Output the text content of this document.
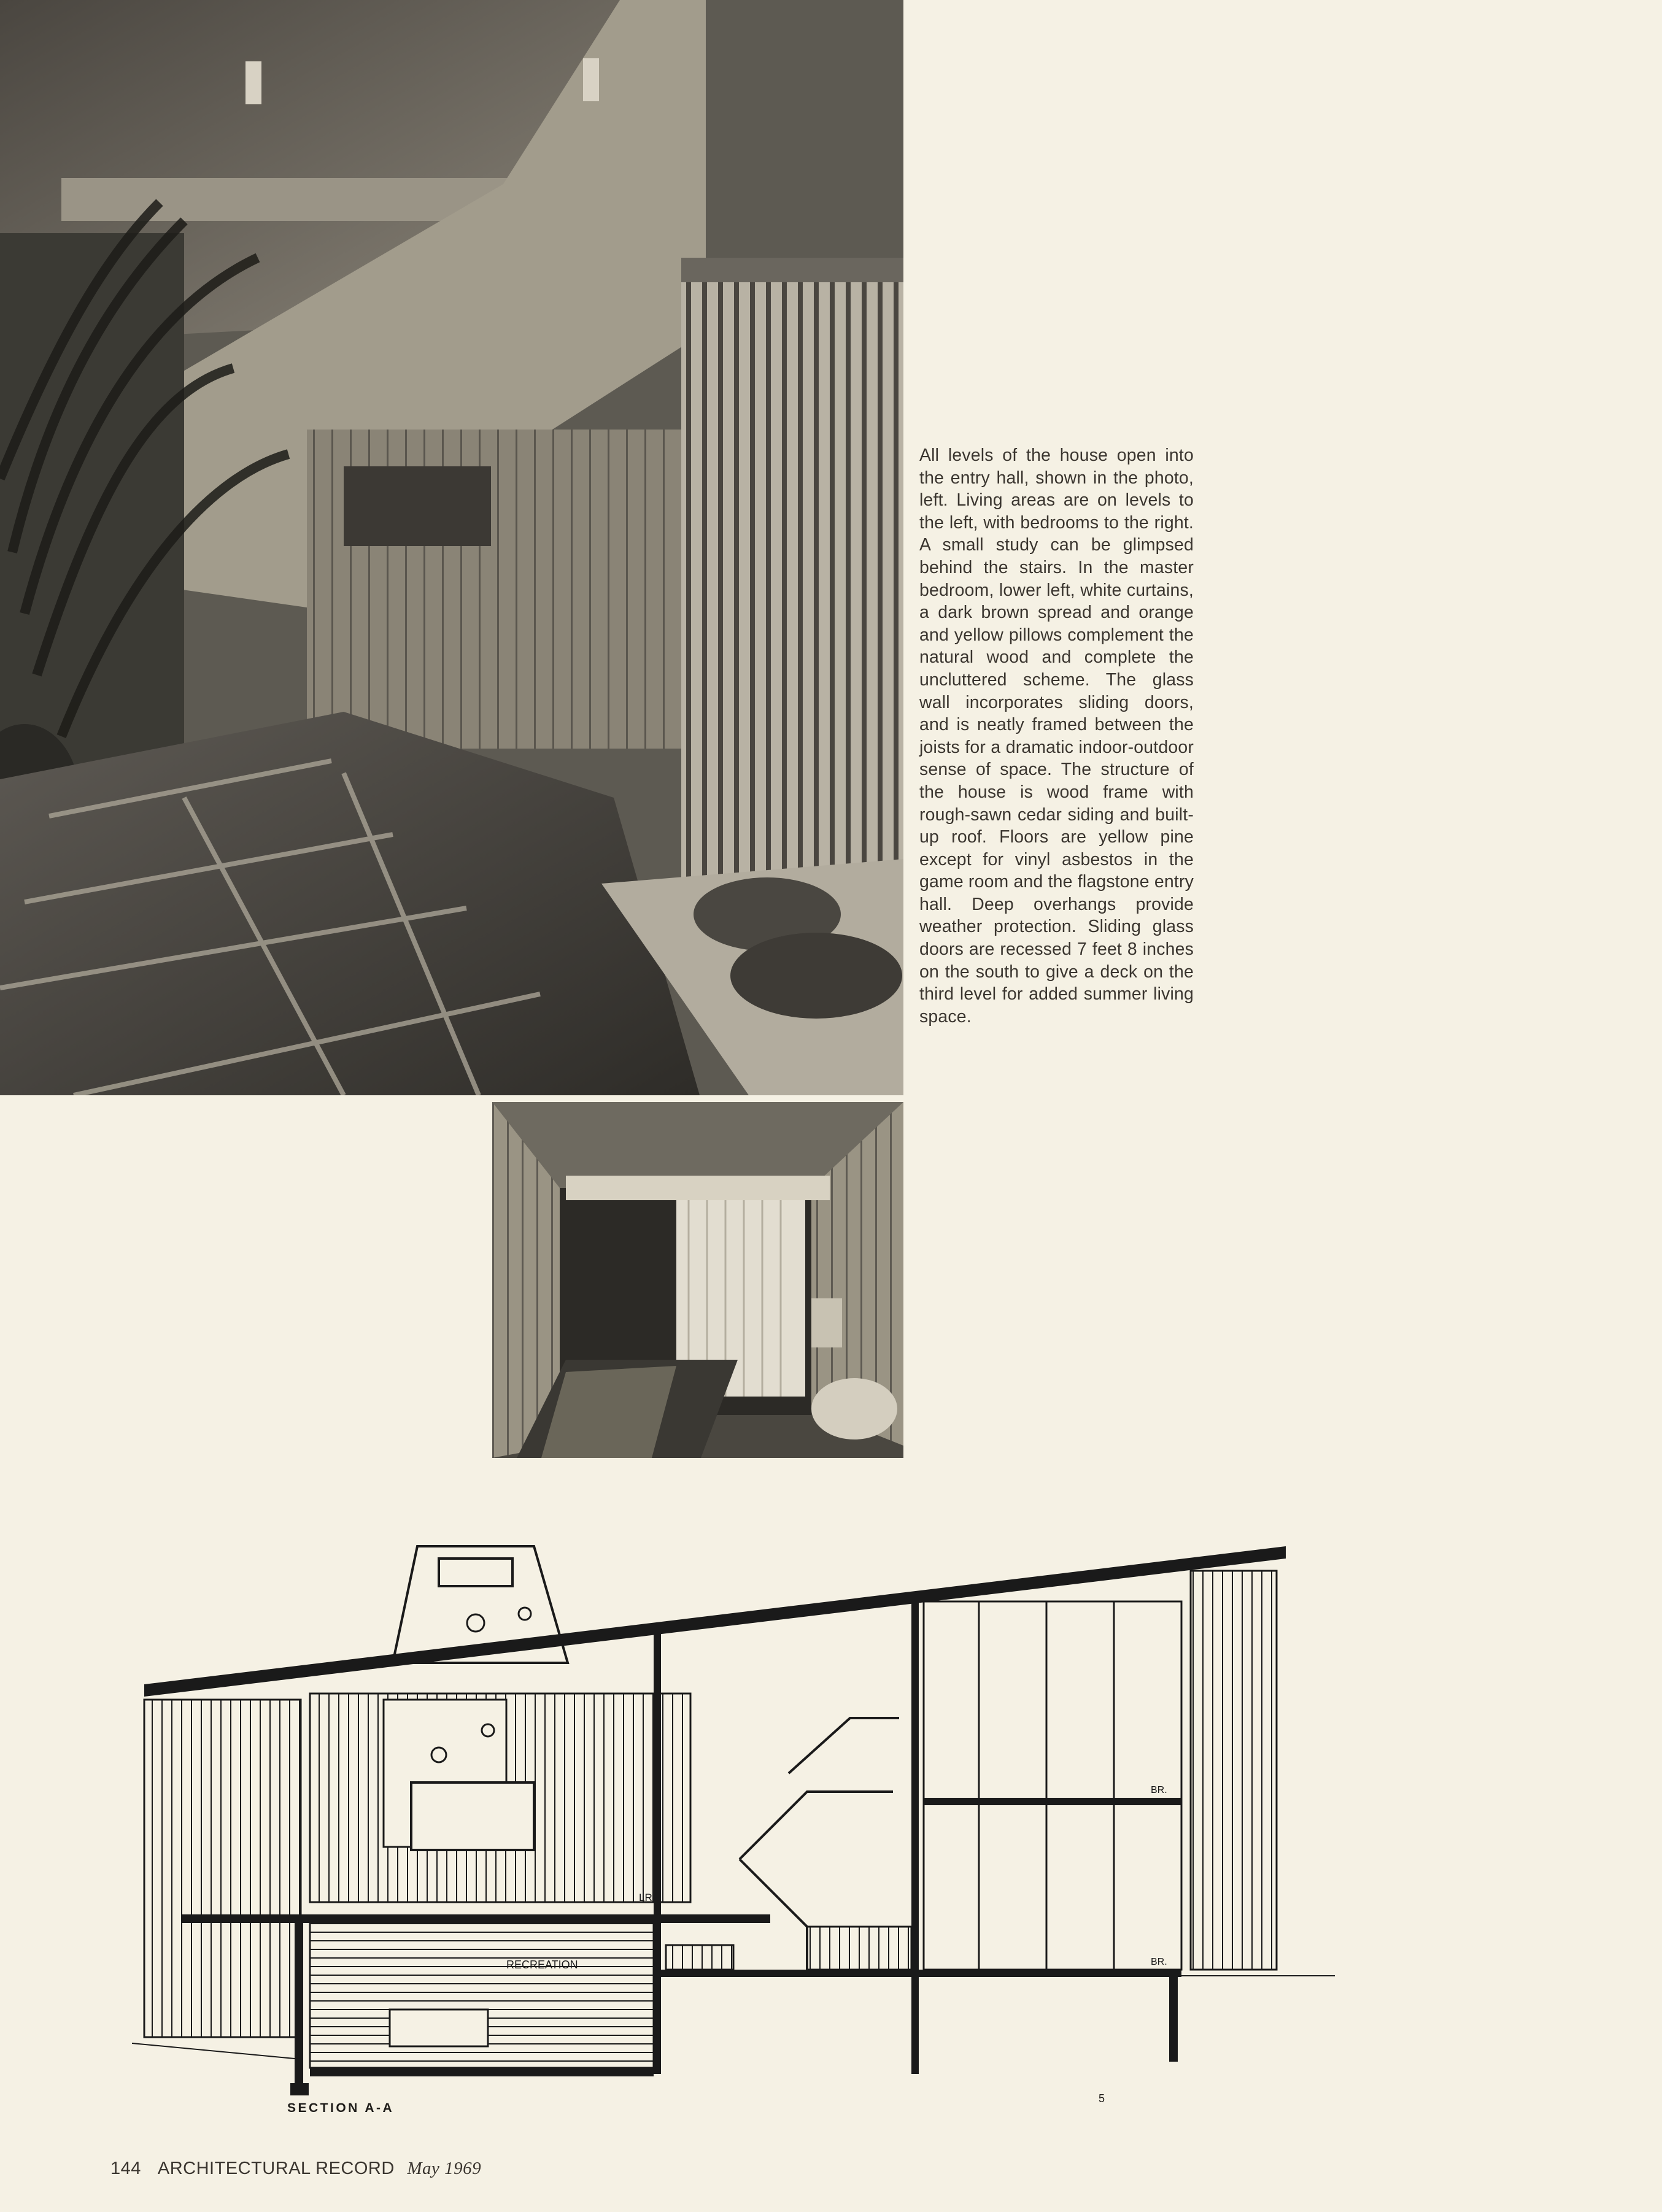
All levels of the house open into the entry hall, shown in the photo, left. Living areas are on levels to the left, with bedrooms to the right. A small study can be glimpsed behind the stairs. In the master bedroom, lower left, white curtains, a dark brown spread and orange and yellow pillows complement the natural wood and complete the uncluttered scheme. The glass wall incorporates sliding doors, and is neatly framed between the joists for a dramatic indoor-outdoor sense of space. The structure of the house is wood frame with rough-sawn cedar siding and built-up roof. Floors are yellow pine except for vinyl asbestos in the game room and the flagstone entry hall. Deep overhangs provide weather protection. Sliding glass doors are recessed 7 feet 8 inches on the south to give a deck on the third level for added summer living space.
LR
RECREATION
BR.
BR.
SECTION A-A
5
144 ARCHITECTURAL RECORD May 1969
